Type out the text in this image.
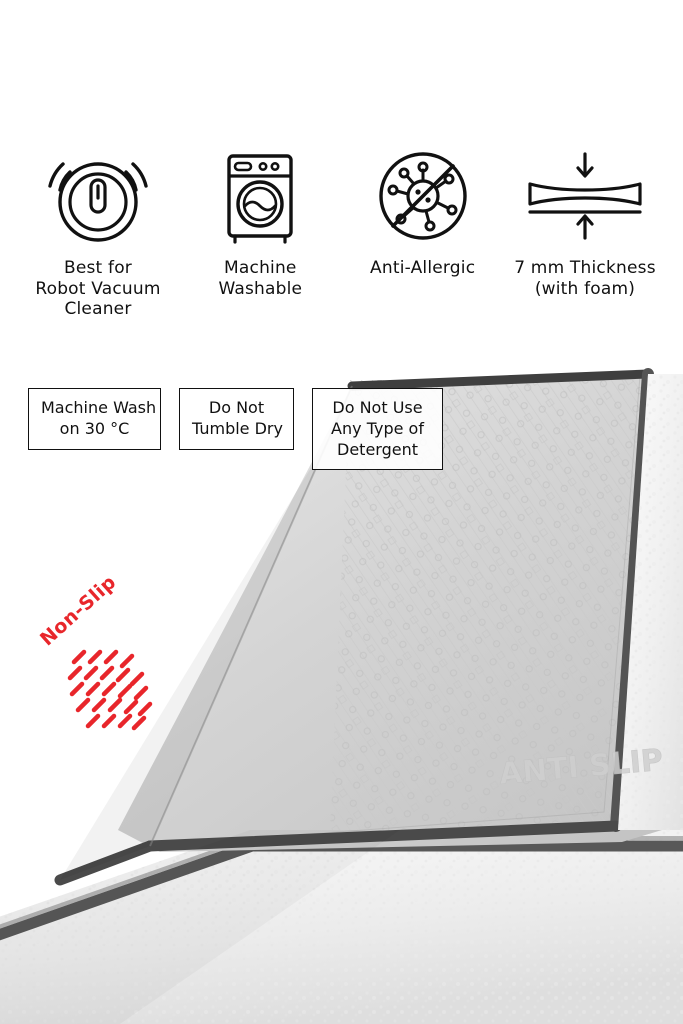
ANTI SLIP
Best for
Robot Vacuum
Cleaner
Machine Washable
Anti-Allergic 7 mm Thickness
(with foam)
Machine Wash
on 30 °C
Do Not
Tumble Dry
Do Not Use
Any Type of
Detergent
Non-Slip
